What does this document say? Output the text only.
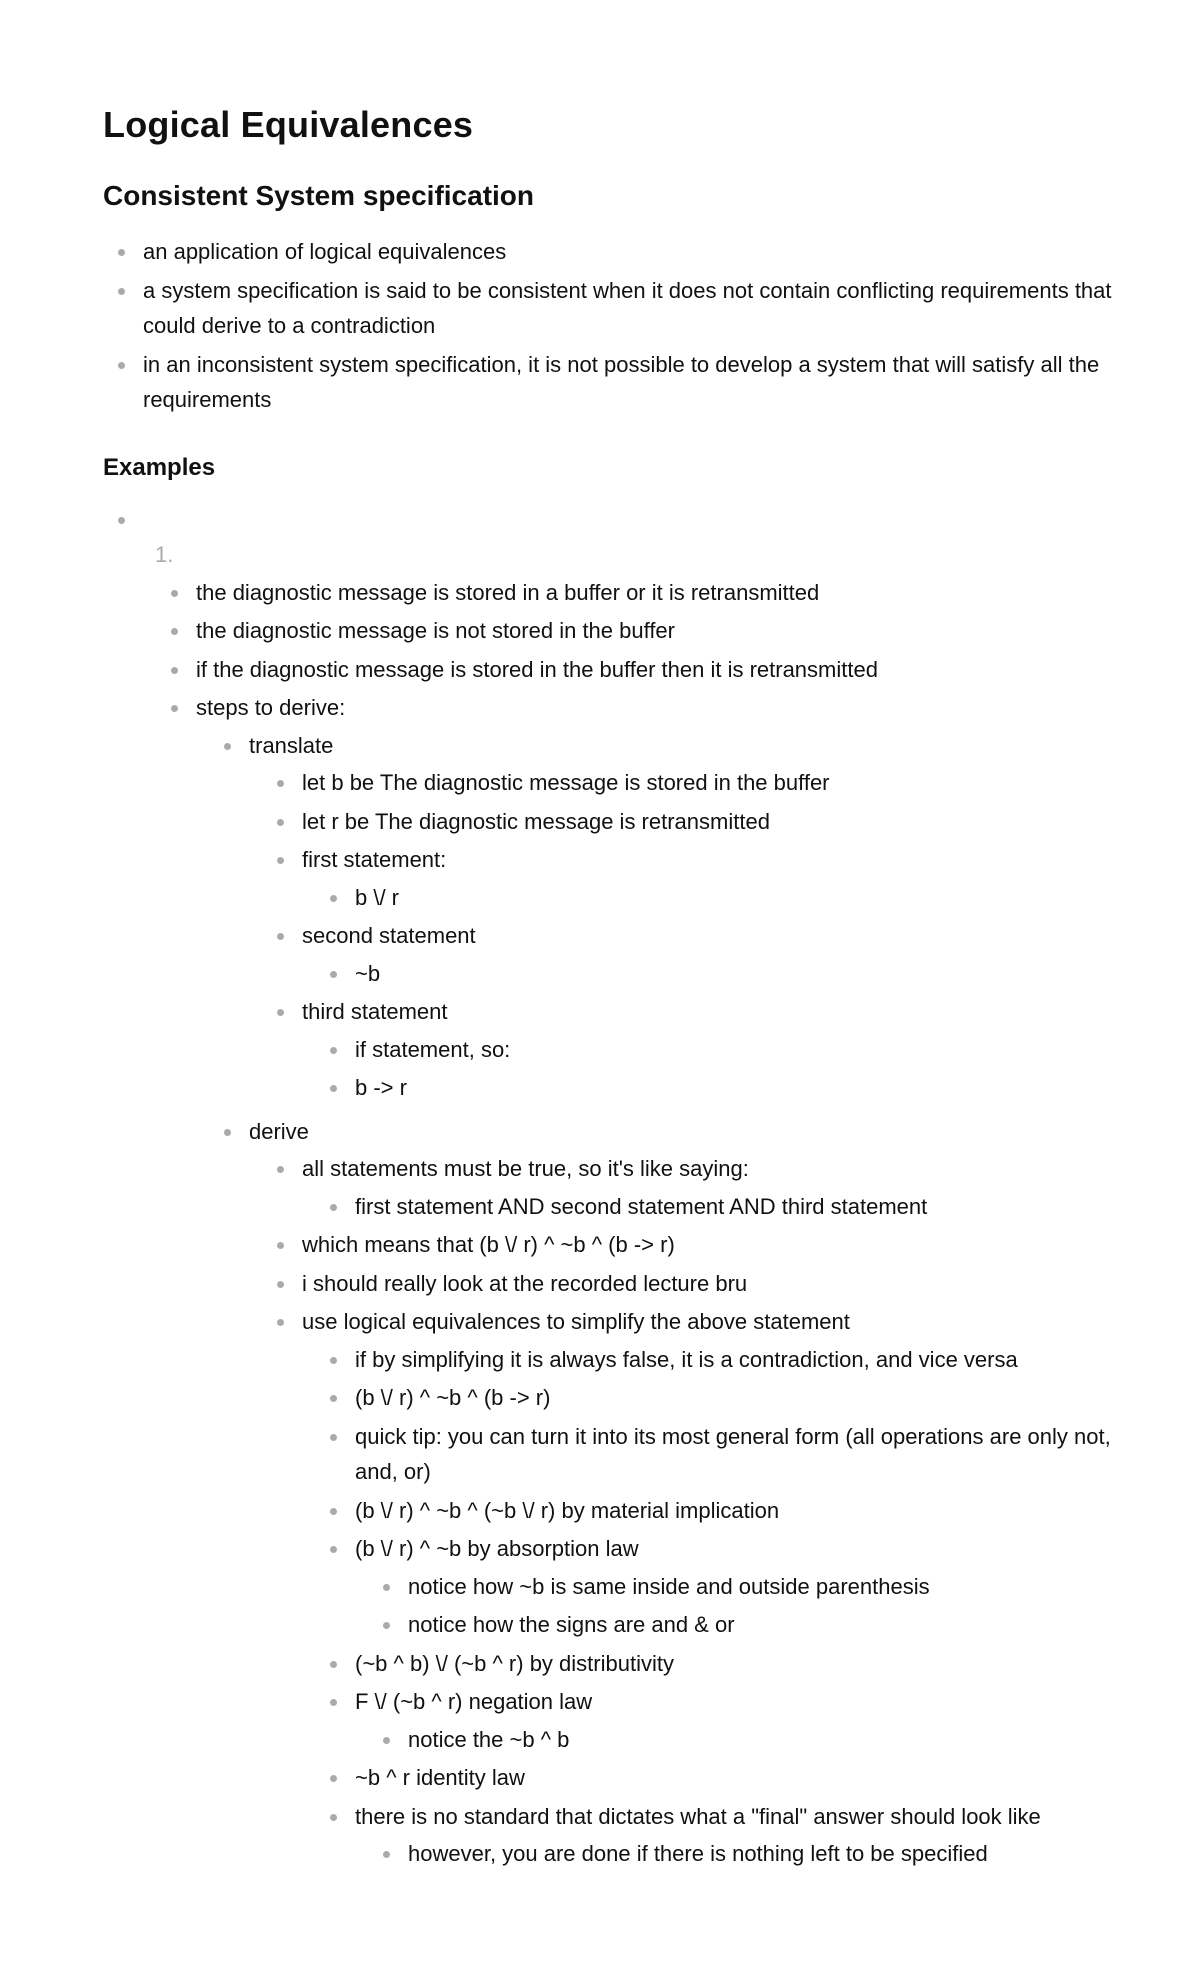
Logical Equivalences
Consistent System specification
an application of logical equivalences
a system specification is said to be consistent when it does not contain conflicting requirements that could derive to a contradiction
in an inconsistent system specification, it is not possible to develop a system that will satisfy all the requirements
Examples
1.
the diagnostic message is stored in a buffer or it is retransmitted
the diagnostic message is not stored in the buffer
if the diagnostic message is stored in the buffer then it is retransmitted
steps to derive:
translate
let b be The diagnostic message is stored in the buffer
let r be The diagnostic message is retransmitted
first statement:
b \/ r
second statement
~b
third statement
if statement, so:
b -> r
derive
all statements must be true, so it's like saying:
first statement AND second statement AND third statement
which means that (b \/ r) ^ ~b ^ (b -> r)
i should really look at the recorded lecture bru
use logical equivalences to simplify the above statement
if by simplifying it is always false, it is a contradiction, and vice versa
(b \/ r) ^ ~b ^ (b -> r)
quick tip: you can turn it into its most general form (all operations are only not, and, or)
(b \/ r) ^ ~b ^ (~b \/ r) by material implication
(b \/ r) ^ ~b by absorption law
notice how ~b is same inside and outside parenthesis
notice how the signs are and & or
(~b ^ b) \/ (~b ^ r) by distributivity
F \/ (~b ^ r) negation law
notice the ~b ^ b
~b ^ r identity law
there is no standard that dictates what a "final" answer should look like
however, you are done if there is nothing left to be specified
